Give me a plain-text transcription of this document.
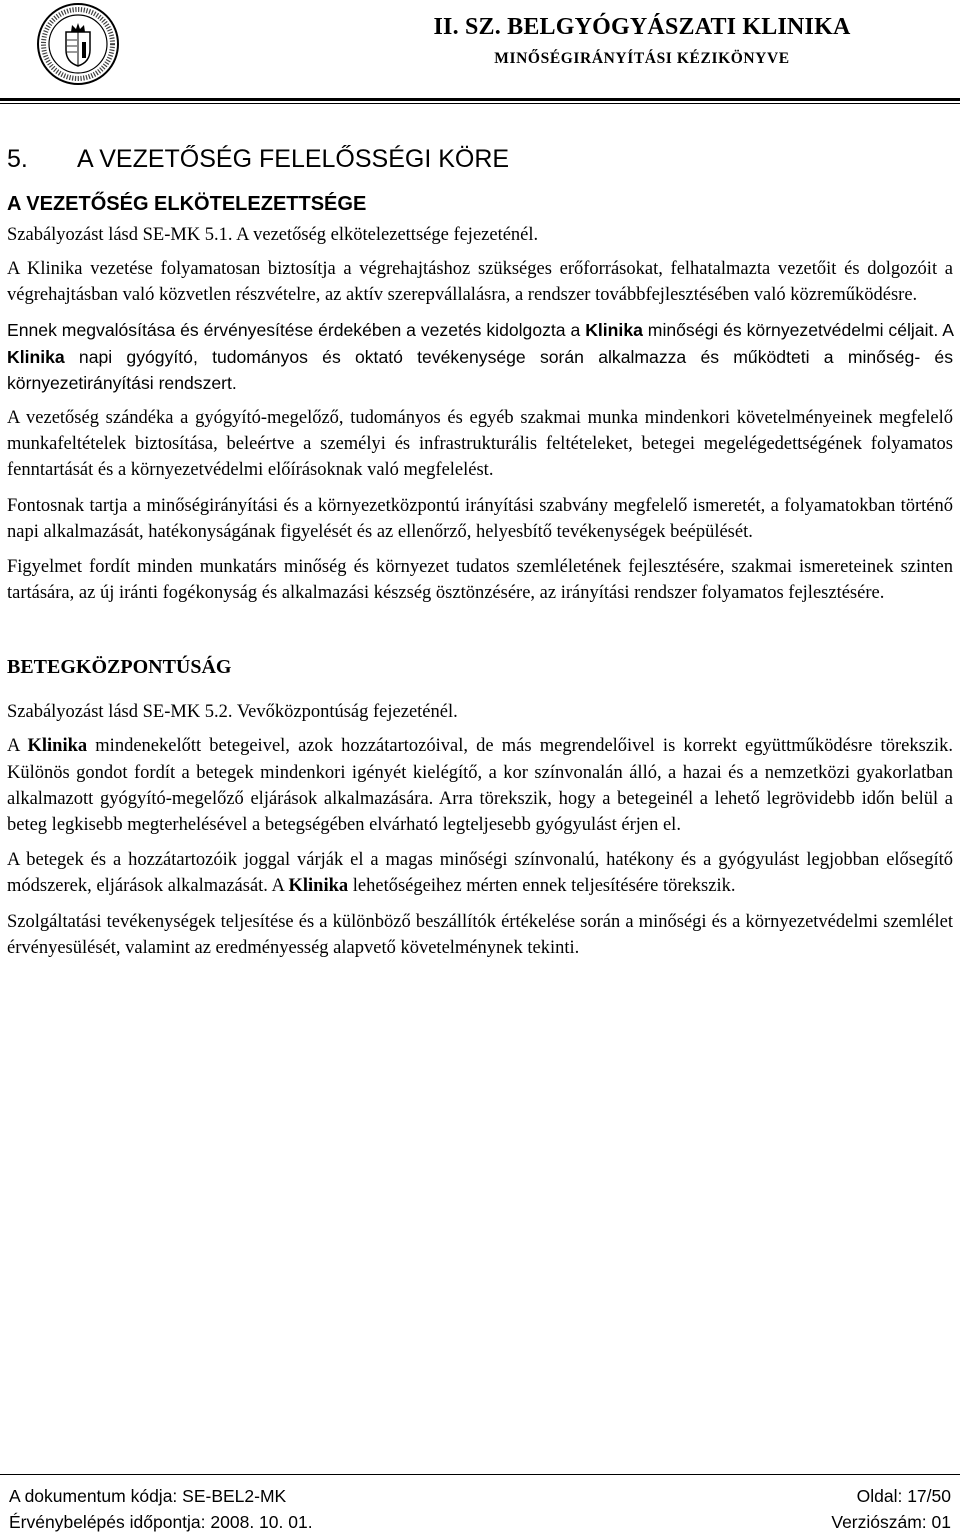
II. SZ. BELGYÓGYÁSZATI KLINIKA
MINŐSÉGIRÁNYÍTÁSI KÉZIKÖNYVE
5.	A VEZETŐSÉG FELELŐSSÉGI KÖRE
A VEZETŐSÉG ELKÖTELEZETTSÉGE

Szabályozást lásd SE-MK 5.1. A vezetőség elkötelezettsége fejezeténél.

A Klinika vezetése folyamatosan biztosítja a végrehajtáshoz szükséges erőforrásokat, felhatalmazta vezetőit és dolgozóit a végrehajtásban való közvetlen részvételre, az aktív szerepvállalásra, a rendszer továbbfejlesztésében való közreműködésre.

Ennek megvalósítása és érvényesítése érdekében a vezetés kidolgozta a Klinika minőségi és környezetvédelmi céljait. A Klinika napi gyógyító, tudományos és oktató tevékenysége során alkalmazza és működteti a minőség- és környezetirányítási rendszert.

A vezetőség szándéka a gyógyító-megelőző, tudományos és egyéb szakmai munka mindenkori követelményeinek megfelelő munkafeltételek biztosítása, beleértve a személyi és infrastrukturális feltételeket, betegei megelégedettségének folyamatos fenntartását és a környezetvédelmi előírásoknak való megfelelést.

Fontosnak tartja a minőségirányítási és a környezetközpontú irányítási szabvány megfelelő ismeretét, a folyamatokban történő napi alkalmazását, hatékonyságának figyelését és az ellenőrző, helyesbítő tevékenységek beépülését.

Figyelmet fordít minden munkatárs minőség és környezet tudatos szemléletének fejlesztésére, szakmai ismereteinek szinten tartására, az új iránti fogékonyság és alkalmazási készség ösztönzésére, az irányítási rendszer folyamatos fejlesztésére.

BETEGKÖZPONTÚSÁG

Szabályozást lásd SE-MK 5.2. Vevőközpontúság fejezeténél.

A Klinika mindenekelőtt betegeivel, azok hozzátartozóival, de más megrendelőivel is korrekt együttműködésre törekszik. Különös gondot fordít a betegek mindenkori igényét kielégítő, a kor színvonalán álló, a hazai és a nemzetközi gyakorlatban alkalmazott gyógyító-megelőző eljárások alkalmazására. Arra törekszik, hogy a betegeinél a lehető legrövidebb időn belül a beteg legkisebb megterhelésével a betegségében elvárható legteljesebb gyógyulást érjen el.

A betegek és a hozzátartozóik joggal várják el a magas minőségi színvonalú, hatékony és a gyógyulást legjobban elősegítő módszerek, eljárások alkalmazását. A Klinika lehetőségeihez mérten ennek teljesítésére törekszik.

Szolgáltatási tevékenységek teljesítése és a különböző beszállítók értékelése során a minőségi és a környezetvédelmi szemlélet érvényesülését, valamint az eredményesség alapvető követelménynek tekinti.

A dokumentum kódja: SE-BEL2-MK	Oldal: 17/50
Érvénybelépés időpontja: 2008. 10. 01.	Verziószám: 01
